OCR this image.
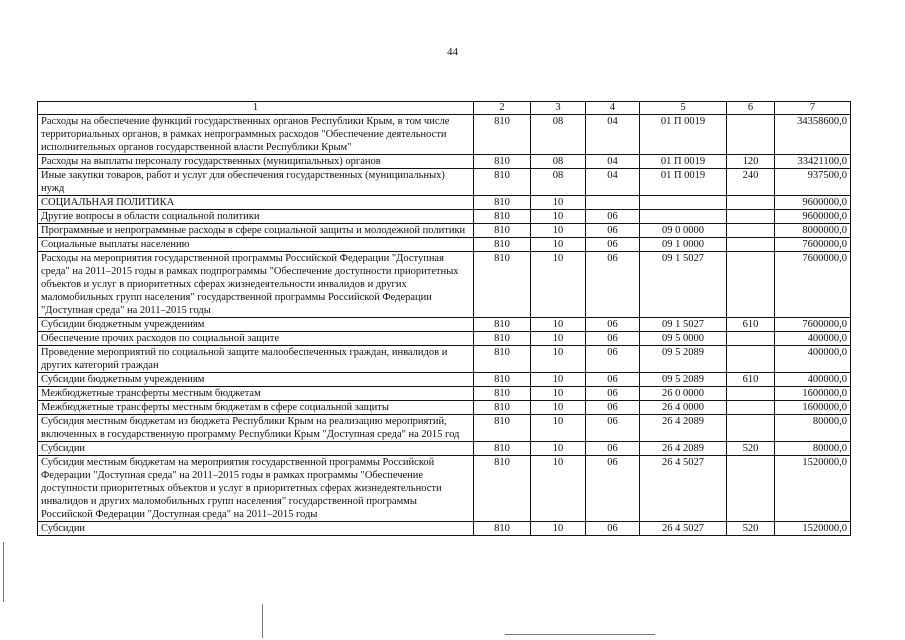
44
1	2	3	4	5	6	7
Расходы на обеспечение функций государственных органов Республики Крым, в том числе территориальных органов, в рамках непрограммных расходов "Обеспечение деятельности исполнительных органов государственной власти Республики Крым"	810	08	04	01 П 0019		34358600,0
Расходы на выплаты персоналу государственных (муниципальных) органов	810	08	04	01 П 0019	120	33421100,0
Иные закупки товаров, работ и услуг для обеспечения государственных (муниципальных) нужд	810	08	04	01 П 0019	240	937500,0
СОЦИАЛЬНАЯ ПОЛИТИКА	810	10				9600000,0
Другие вопросы в области социальной политики	810	10	06			9600000,0
Программные и непрограммные расходы в сфере социальной защиты и молодежной политики	810	10	06	09 0 0000		8000000,0
Социальные выплаты населению	810	10	06	09 1 0000		7600000,0
Расходы на мероприятия государственной программы Российской Федерации "Доступная среда" на 2011–2015 годы в рамках подпрограммы "Обеспечение доступности приоритетных объектов и услуг в приоритетных сферах жизнедеятельности инвалидов и других маломобильных групп населения" государственной программы Российской Федерации "Доступная среда" на 2011–2015 годы	810	10	06	09 1 5027		7600000,0
Субсидии бюджетным учреждениям	810	10	06	09 1 5027	610	7600000,0
Обеспечение прочих расходов по социальной защите	810	10	06	09 5 0000		400000,0
Проведение мероприятий по социальной защите малообеспеченных граждан, инвалидов и других категорий граждан	810	10	06	09 5 2089		400000,0
Субсидии бюджетным учреждениям	810	10	06	09 5 2089	610	400000,0
Межбюджетные трансферты местным бюджетам	810	10	06	26 0 0000		1600000,0
Межбюджетные трансферты местным бюджетам в сфере социальной защиты	810	10	06	26 4 0000		1600000,0
Субсидия местным бюджетам из бюджета Республики Крым на реализацию мероприятий, включенных в государственную программу Республики Крым "Доступная среда" на 2015 год	810	10	06	26 4 2089		80000,0
Субсидии	810	10	06	26 4 2089	520	80000,0
Субсидия местным бюджетам на мероприятия государственной программы Российской Федерации "Доступная среда" на 2011–2015 годы в рамках программы "Обеспечение доступности приоритетных объектов и услуг в приоритетных сферах жизнедеятельности инвалидов и других маломобильных групп населения" государственной программы Российской Федерации "Доступная среда" на 2011–2015 годы	810	10	06	26 4 5027		1520000,0
Субсидии	810	10	06	26 4 5027	520	1520000,0
